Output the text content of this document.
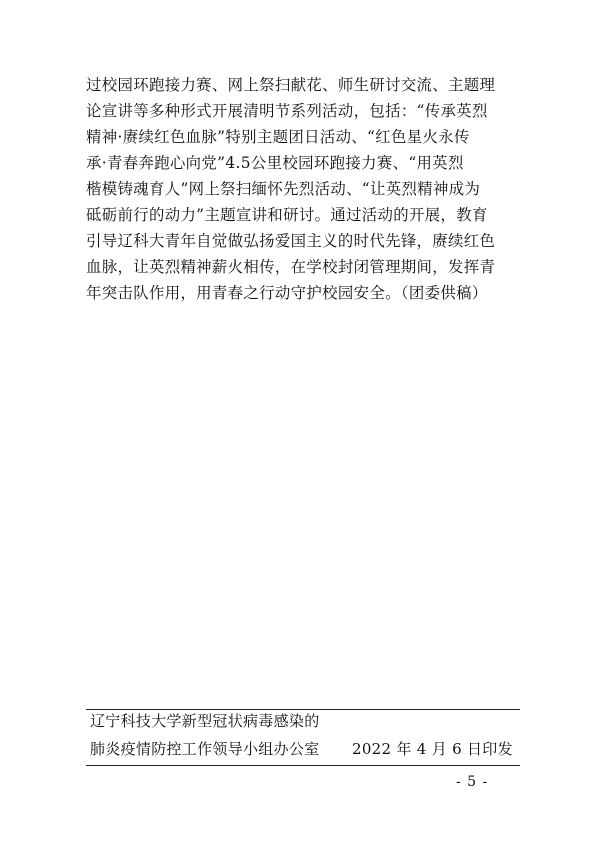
过校园环跑接力赛、网上祭扫献花、师生研讨交流、主题理
论宣讲等多种形式开展清明节系列活动，包括：“传承英烈
精神·赓续红色血脉”特别主题团日活动、“红色星火永传
承·青春奔跑心向党”4.5公里校园环跑接力赛、“用英烈
楷模铸魂育人”网上祭扫缅怀先烈活动、“让英烈精神成为
砥砺前行的动力”主题宣讲和研讨。通过活动的开展，教育
引导辽科大青年自觉做弘扬爱国主义的时代先锋，赓续红色
血脉，让英烈精神薪火相传，在学校封闭管理期间，发挥青
年突击队作用，用青春之行动守护校园安全。（团委供稿）
辽宁科技大学新型冠状病毒感染的
肺炎疫情防控工作领导小组办公室 2022 年 4 月 6 日印发
- 5 -
